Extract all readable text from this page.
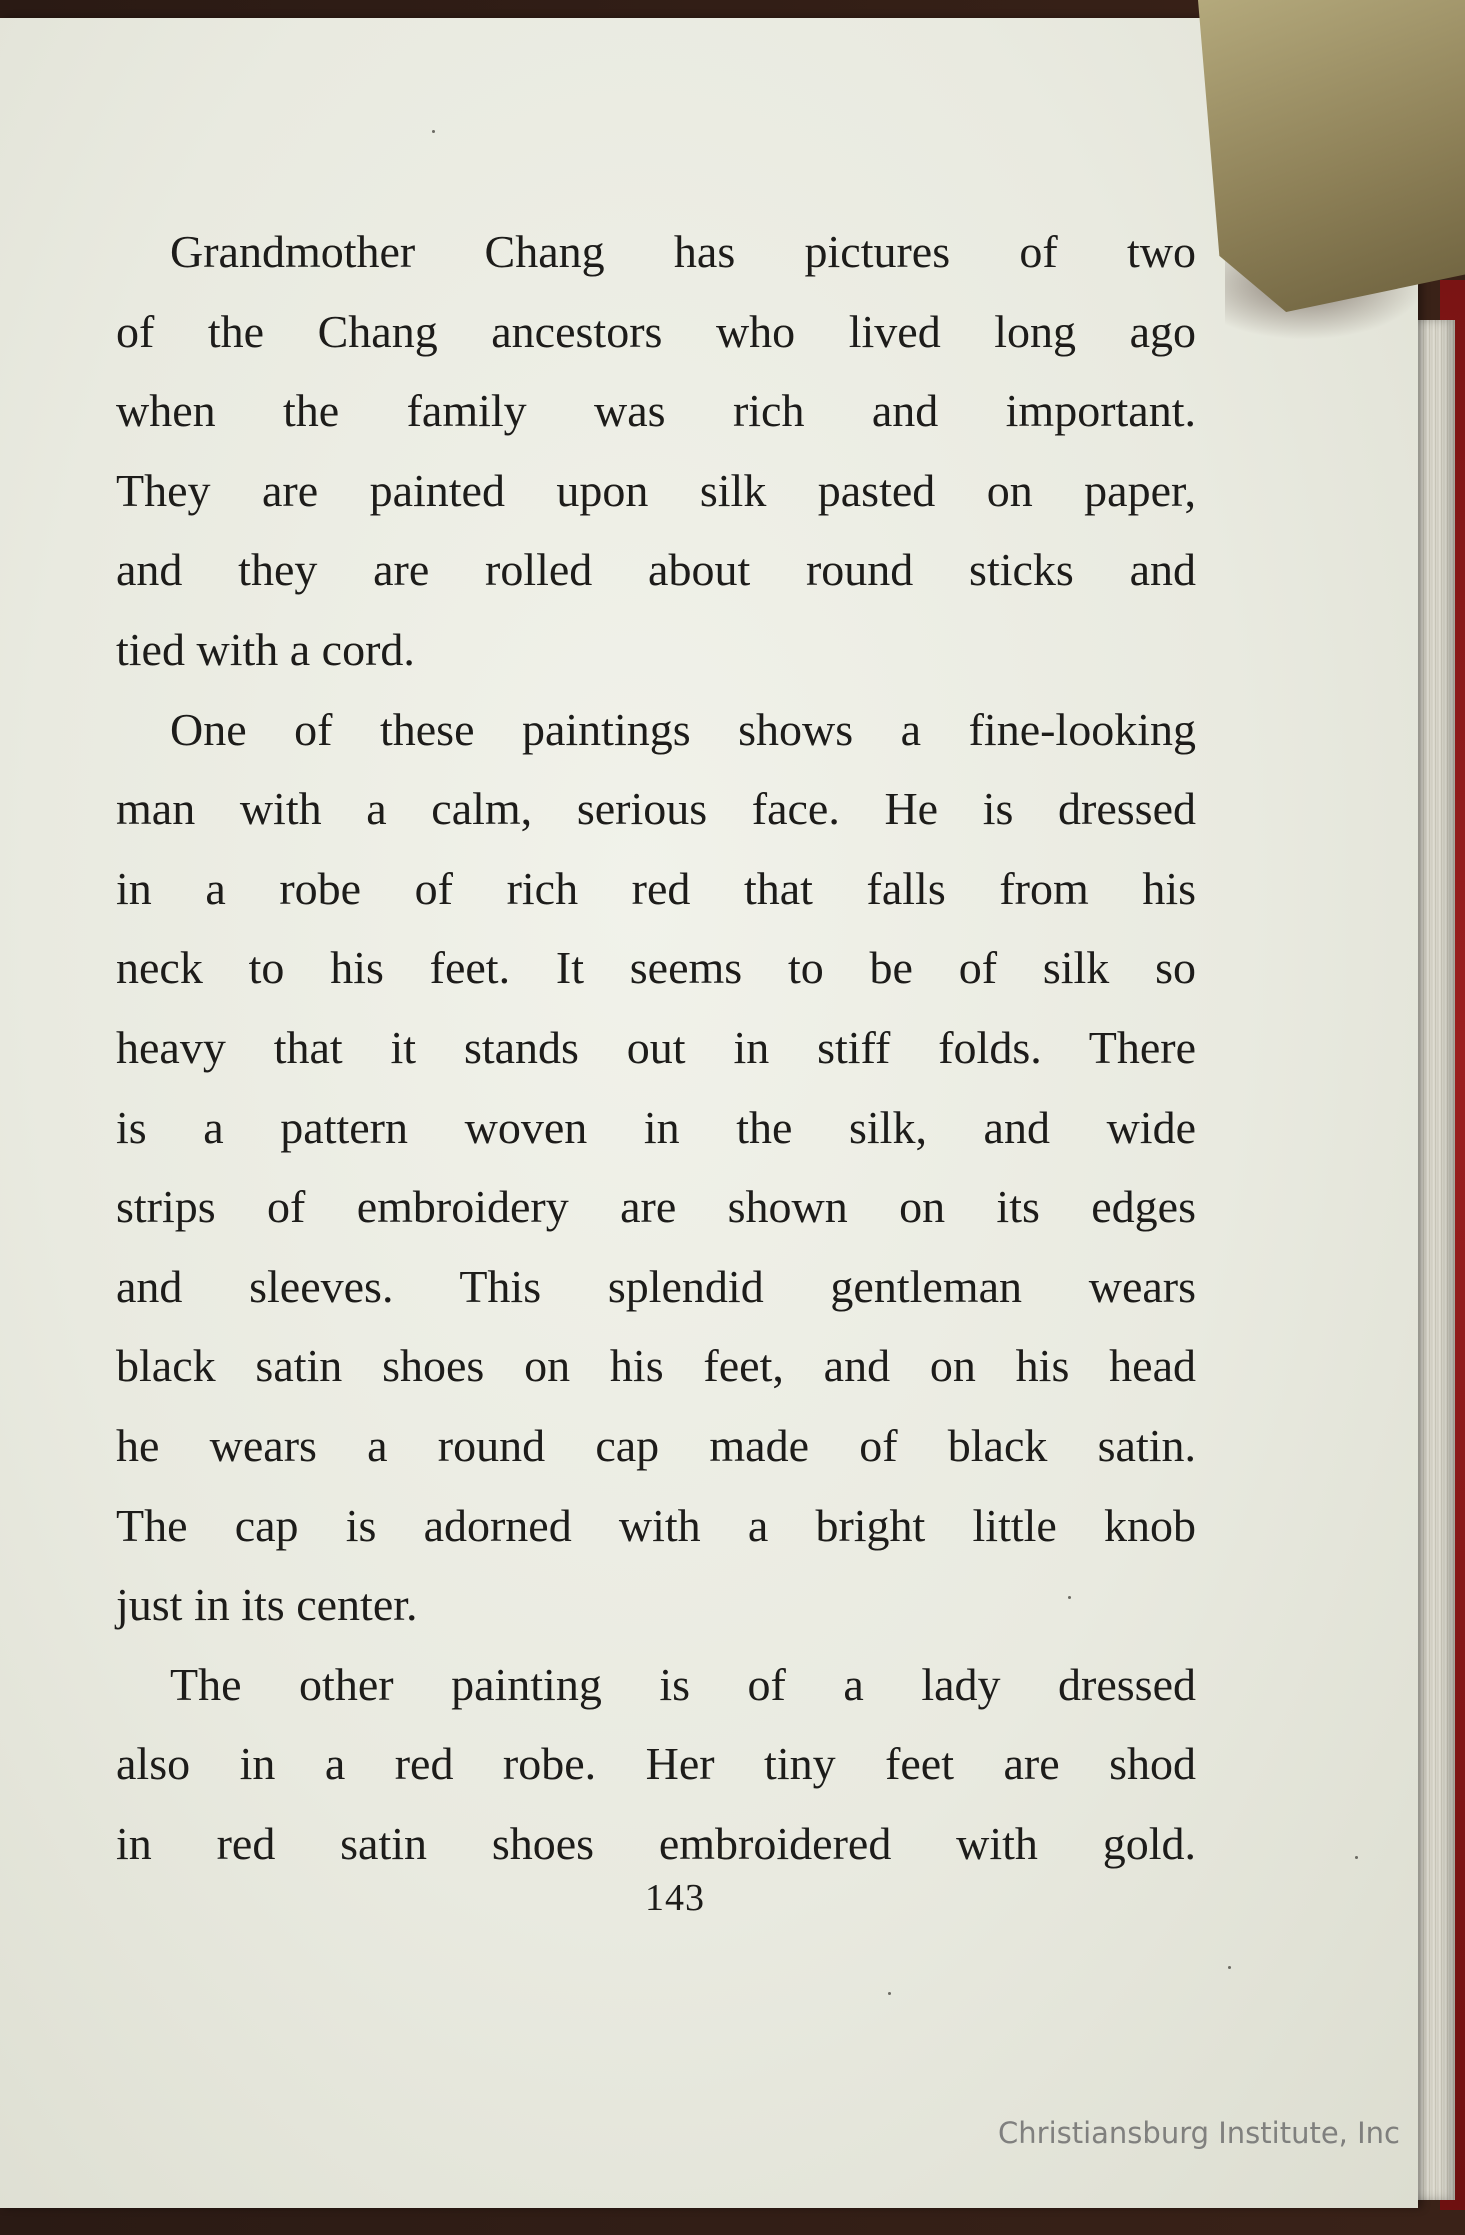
Grandmother Chang has pictures of two
of the Chang ancestors who lived long ago
when the family was rich and important.
They are painted upon silk pasted on paper,
and they are rolled about round sticks and
tied with a cord.
One of these paintings shows a fine-looking
man with a calm, serious face. He is dressed
in a robe of rich red that falls from his
neck to his feet. It seems to be of silk so
heavy that it stands out in stiff folds. There
is a pattern woven in the silk, and wide
strips of embroidery are shown on its edges
and sleeves. This splendid gentleman wears
black satin shoes on his feet, and on his head
he wears a round cap made of black satin.
The cap is adorned with a bright little knob
just in its center.
The other painting is of a lady dressed
also in a red robe. Her tiny feet are shod
in red satin shoes embroidered with gold.
143
Christiansburg Institute, Inc
